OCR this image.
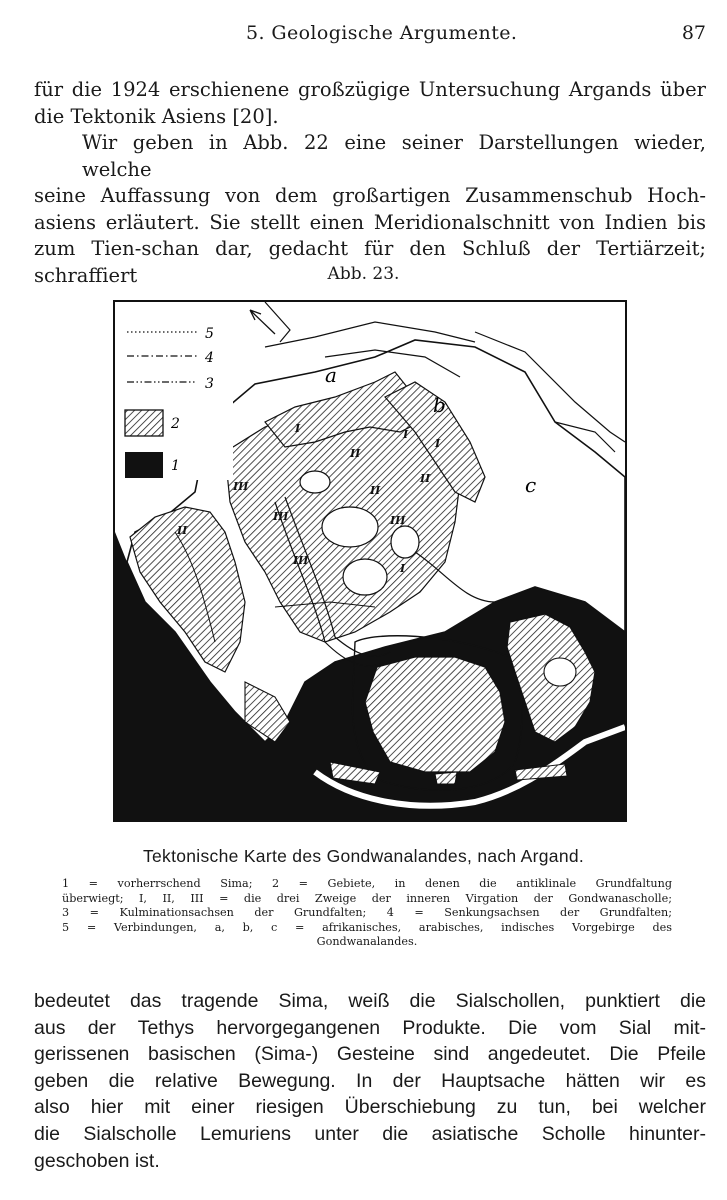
5. Geologische Argumente.	87
für die 1924 erschienene großzügige Untersuchung Argands über
die Tektonik Asiens [20].
Wir geben in Abb. 22 eine seiner Darstellungen wieder, welche
seine Auffassung von dem großartigen Zusammenschub Hoch-
asiens erläutert. Sie stellt einen Meridionalschnitt von Indien bis
zum Tien-schan dar, gedacht für den Schluß der Tertiärzeit; schraffiert	Abb. 23.
5
4
3
2
1
a
b
c
I
II
III
III
II
II
I
III
I
II
III
I
Tektonische Karte des Gondwanalandes, nach Argand.
1 = vorherrschend Sima; 2 = Gebiete, in denen die antiklinale Grundfaltung
überwiegt; I, II, III = die drei Zweige der inneren Virgation der Gondwanascholle;
3 = Kulminationsachsen der Grundfalten; 4 = Senkungsachsen der Grundfalten;
5 = Verbindungen, a, b, c = afrikanisches, arabisches, indisches Vorgebirge des
Gondwanalandes.
bedeutet das tragende Sima, weiß die Sialschollen, punktiert die
aus der Tethys hervorgegangenen Produkte. Die vom Sial mit-
gerissenen basischen (Sima-) Gesteine sind angedeutet. Die Pfeile
geben die relative Bewegung. In der Hauptsache hätten wir es
also hier mit einer riesigen Überschiebung zu tun, bei welcher
die Sialscholle Lemuriens unter die asiatische Scholle hinunter-
geschoben ist.
